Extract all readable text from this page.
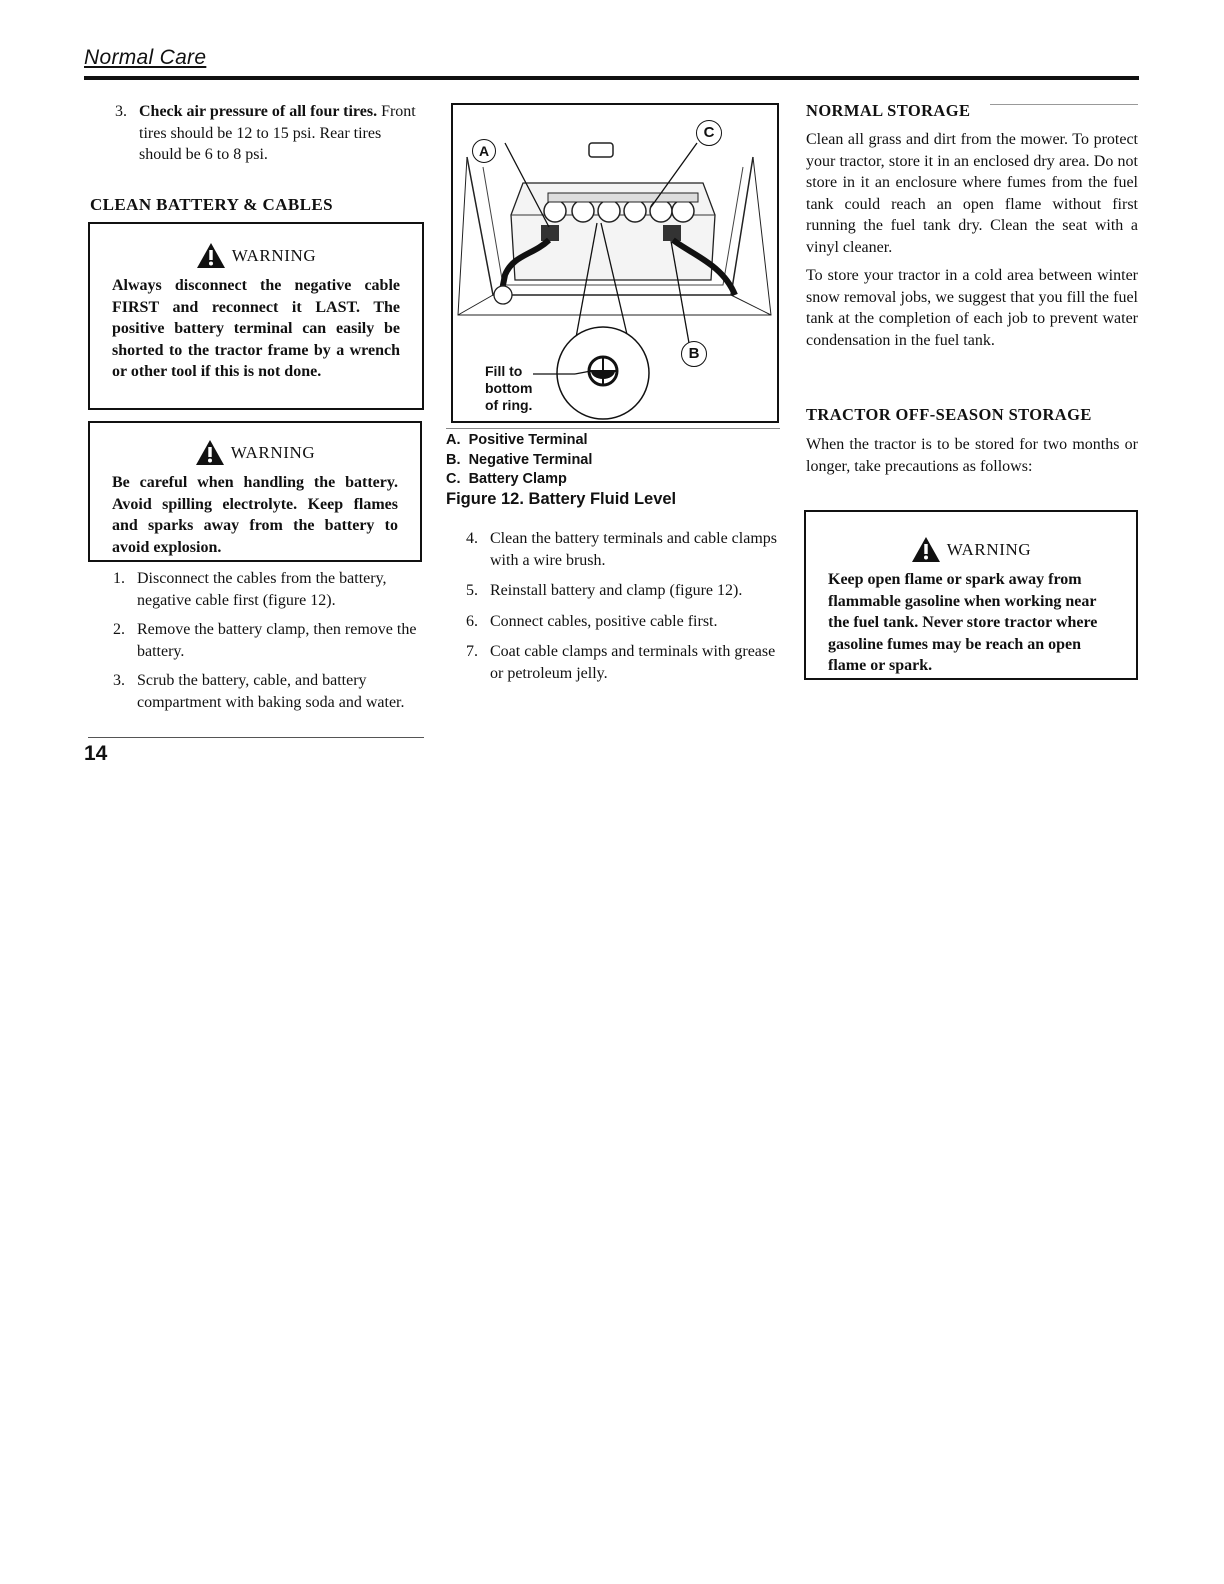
Normal Care
3. Check air pressure of all four tires. Front tires should be 12 to 15 psi. Rear tires should be 6 to 8 psi.
CLEAN BATTERY & CABLES
WARNING
Always disconnect the negative cable FIRST and reconnect it LAST. The positive battery terminal can easily be shorted to the tractor frame by a wrench or other tool if this is not done.
WARNING
Be careful when handling the battery. Avoid spilling electrolyte. Keep flames and sparks away from the battery to avoid explosion.
1. Disconnect the cables from the battery, negative cable first (figure 12).
2. Remove the battery clamp, then remove the battery.
3. Scrub the battery, cable, and battery compartment with baking soda and water.
14
A
C
B
Fill to
bottom
of ring.
A. Positive Terminal
B. Negative Terminal
C. Battery Clamp
Figure 12. Battery Fluid Level
4. Clean the battery terminals and cable clamps with a wire brush.
5. Reinstall battery and clamp (figure 12).
6. Connect cables, positive cable first.
7. Coat cable clamps and terminals with grease or petroleum jelly.
NORMAL STORAGE

Clean all grass and dirt from the mower. To protect your tractor, store it in an enclosed dry area. Do not store in it an enclosure where fumes from the fuel tank could reach an open flame without first running the fuel tank dry. Clean the seat with a vinyl cleaner.

To store your tractor in a cold area between winter snow removal jobs, we suggest that you fill the fuel tank at the completion of each job to prevent water condensation in the fuel tank.

TRACTOR OFF-SEASON STORAGE

When the tractor is to be stored for two months or longer, take precautions as follows:

WARNING
Keep open flame or spark away from flammable gasoline when working near the fuel tank. Never store tractor where gasoline fumes may be reach an open flame or spark.
